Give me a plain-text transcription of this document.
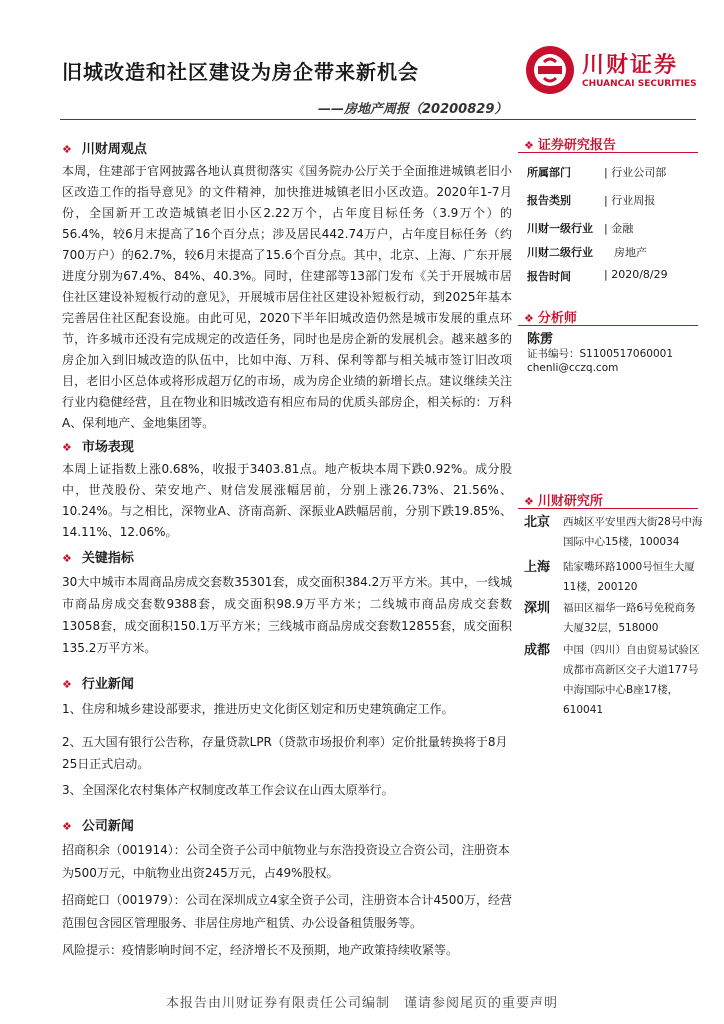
旧城改造和社区建设为房企带来新机会
——房地产周报（20200829）
川财证券
CHUANCAI SECURITIES
❖ 川财周观点
本周，住建部于官网披露各地认真贯彻落实《国务院办公厅关于全面推进城镇老旧小区改造工作的指导意见》的文件精神，加快推进城镇老旧小区改造。2020年1-7月份，全国新开工改造城镇老旧小区2.22万个，占年度目标任务（3.9万个）的56.4%，较6月末提高了16个百分点；涉及居民442.74万户，占年度目标任务（约700万户）的62.7%，较6月末提高了15.6个百分点。其中，北京、上海、广东开展进度分别为67.4%、84%、40.3%。同时，住建部等13部门发布《关于开展城市居住社区建设补短板行动的意见》，开展城市居住社区建设补短板行动，到2025年基本完善居住社区配套设施。由此可见，2020下半年旧城改造仍然是城市发展的重点环节，许多城市还没有完成规定的改造任务，同时也是房企新的发展机会。越来越多的房企加入到旧城改造的队伍中，比如中海、万科、保利等都与相关城市签订旧改项目，老旧小区总体或将形成超万亿的市场，成为房企业绩的新增长点。建议继续关注行业内稳健经营，且在物业和旧城改造有相应布局的优质头部房企，相关标的：万科A、保利地产、金地集团等。
❖ 市场表现
本周上证指数上涨0.68%，收报于3403.81点。地产板块本周下跌0.92%。成分股中，世茂股份、荣安地产、财信发展涨幅居前，分别上涨26.73%、21.56%、10.24%。与之相比，深物业A、济南高新、深振业A跌幅居前，分别下跌19.85%、14.11%、12.06%。
❖ 关键指标
30大中城市本周商品房成交套数35301套，成交面积384.2万平方米。其中，一线城市商品房成交套数9388套，成交面积98.9万平方米；二线城市商品房成交套数13058套，成交面积150.1万平方米；三线城市商品房成交套数12855套，成交面积135.2万平方米。
❖ 行业新闻
1、住房和城乡建设部要求，推进历史文化街区划定和历史建筑确定工作。
2、五大国有银行公告称，存量贷款LPR（贷款市场报价利率）定价批量转换将于8月25日正式启动。
3、全国深化农村集体产权制度改革工作会议在山西太原举行。
❖ 公司新闻
招商积余（001914）：公司全资子公司中航物业与东浩投资设立合资公司，注册资本为500万元，中航物业出资245万元，占49%股权。
招商蛇口（001979）：公司在深圳成立4家全资子公司，注册资本合计4500万，经营范围包含园区管理服务、非居住房地产租赁、办公设备租赁服务等。
风险提示：疫情影响时间不定，经济增长不及预期，地产政策持续收紧等。
❖ 证券研究报告
所属部门	| 行业公司部
报告类别	| 行业周报
川财一级行业 | 金融
川财二级行业 房地产
报告时间	| 2020/8/29
❖ 分析师
陈雳
证书编号：S1100517060001
chenli@cczq.com
❖ 川财研究所
北京 西城区平安里西大街28号中海国际中心15楼，100034
上海 陆家嘴环路1000号恒生大厦11楼，200120
深圳 福田区福华一路6号免税商务大厦32层，518000
成都 中国（四川）自由贸易试验区成都市高新区交子大道177号中海国际中心B座17楼，610041
本报告由川财证券有限责任公司编制　谨请参阅尾页的重要声明
